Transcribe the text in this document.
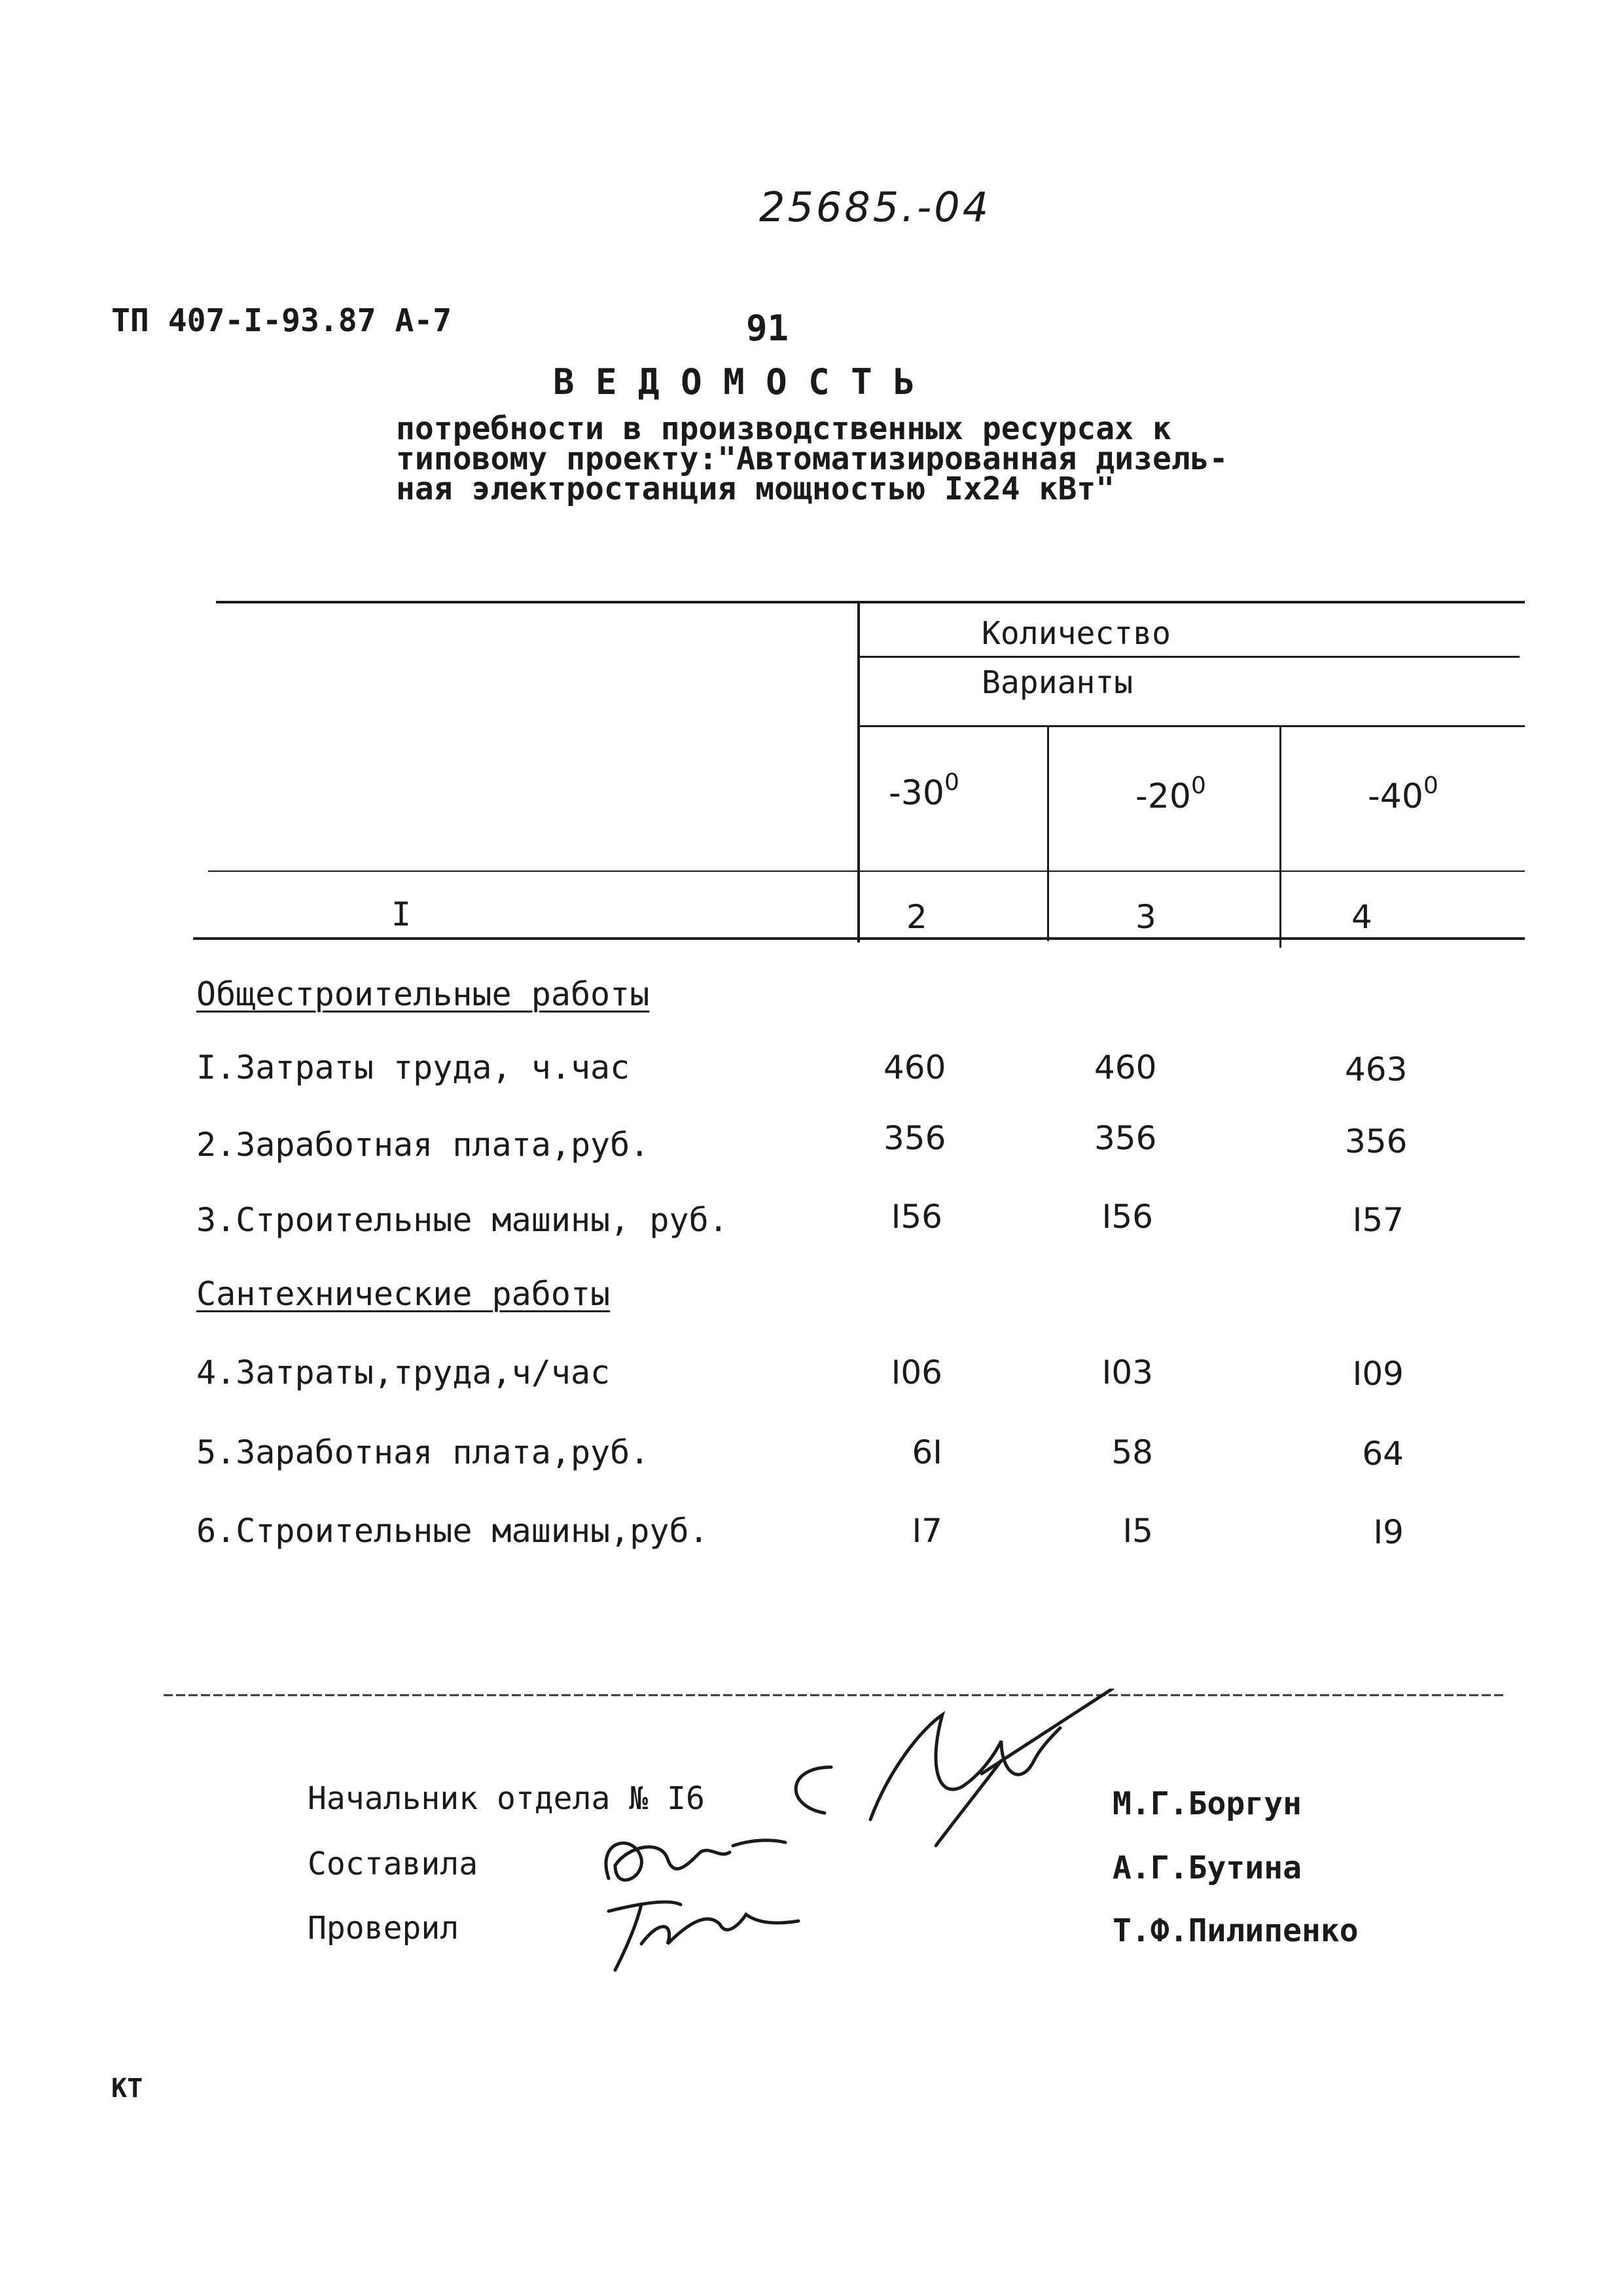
25685.-04
ТП 407-I-93.87 А-7	91
В Е Д О М О С Т Ь
потребности в производственных ресурсах к
типовому проекту:"Автоматизированная дизель-
ная электростанция мощностью Iх24 кВт"
Количество
Варианты
$-30^0$	$-20^0$	$-40^0$
I	2	3	4
Общестроительные работы
I.Затраты труда, ч.час	460	460	463
2.Заработная плата,руб.	356	356	356
3.Строительные машины, руб.	I56	I56	I57
Сантехнические работы
4.Затраты,труда,ч/час	I06	I03	I09
5.Заработная плата,руб.	6I	58	64
6.Строительные машины,руб.	I7	I5	I9
Начальник отдела № I6
Составила
Проверил
М.Г.Боргун
А.Г.Бутина
Т.Ф.Пилипенко
КТ
